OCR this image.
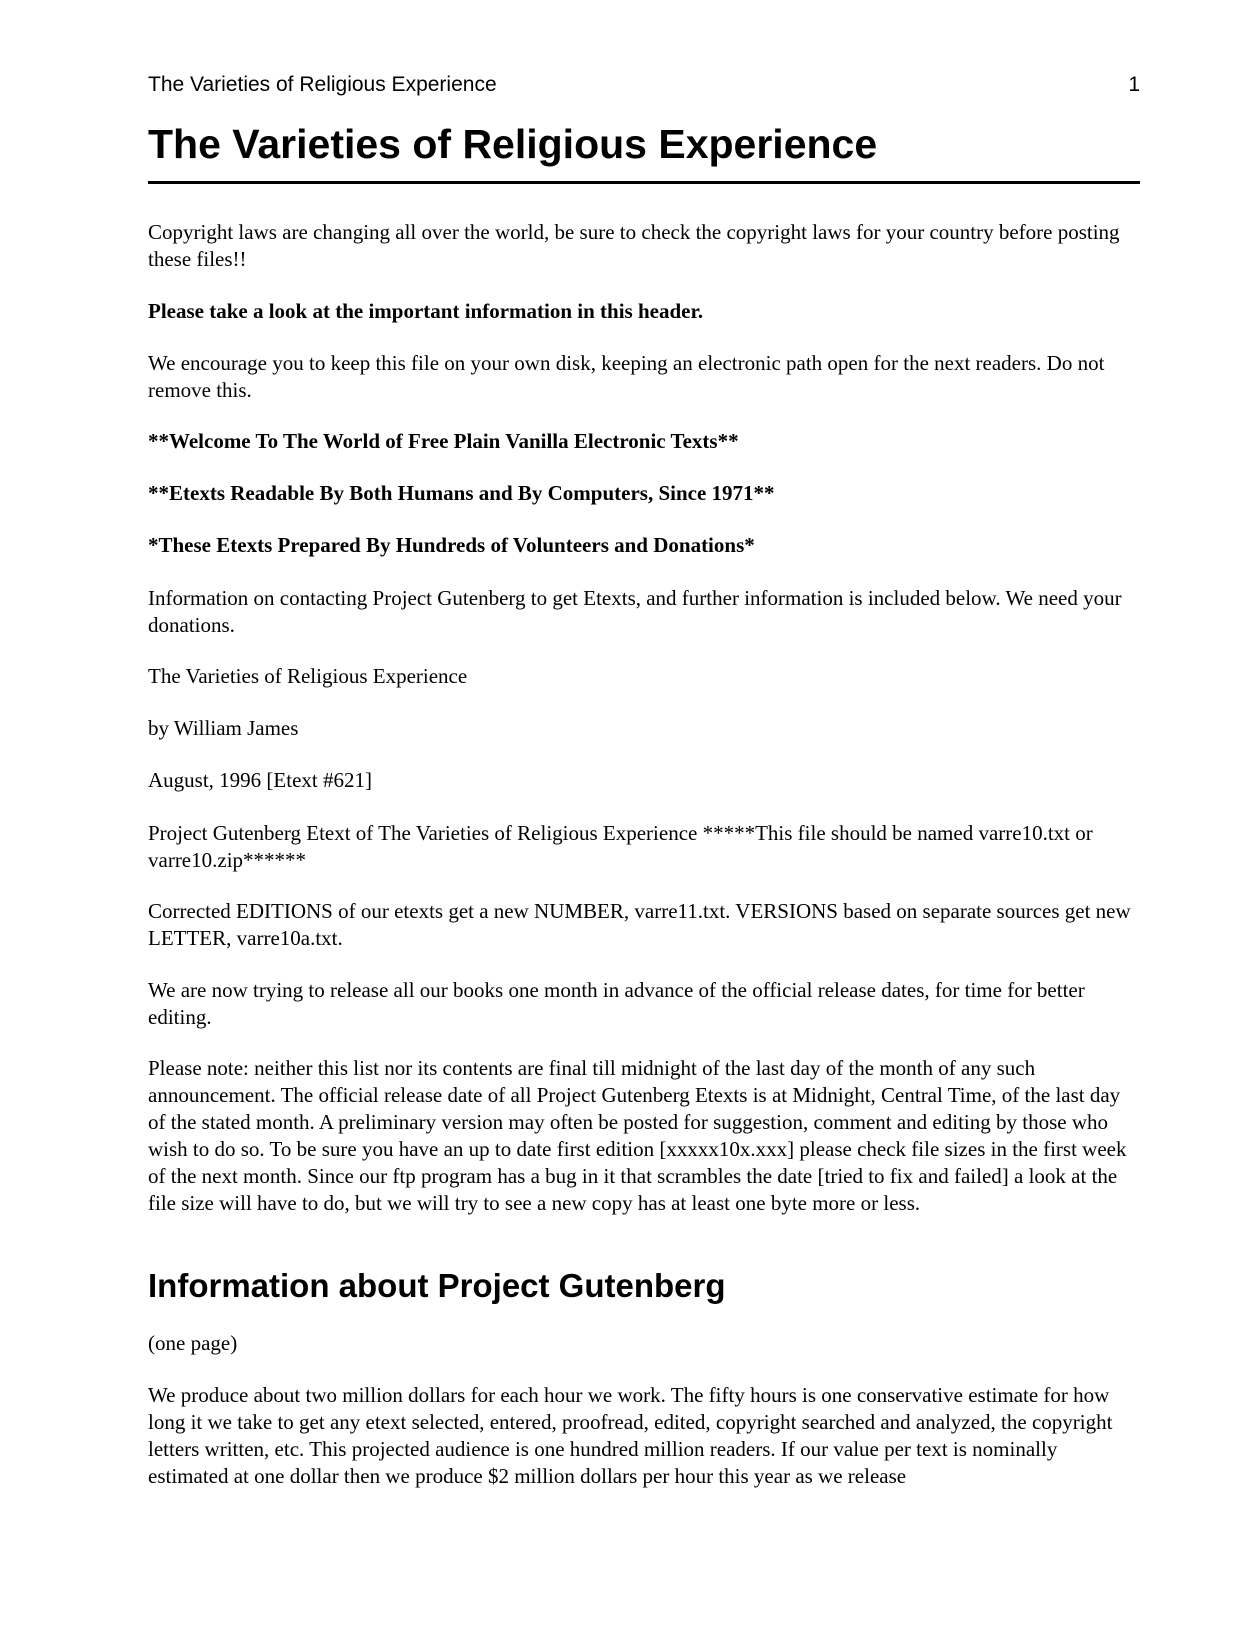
The Varieties of Religious Experience	1
The Varieties of Religious Experience

Copyright laws are changing all over the world, be sure to check the copyright laws for your country before posting these files!!

Please take a look at the important information in this header.

We encourage you to keep this file on your own disk, keeping an electronic path open for the next readers. Do not remove this.

**Welcome To The World of Free Plain Vanilla Electronic Texts**

**Etexts Readable By Both Humans and By Computers, Since 1971**

*These Etexts Prepared By Hundreds of Volunteers and Donations*

Information on contacting Project Gutenberg to get Etexts, and further information is included below. We need your donations.

The Varieties of Religious Experience

by William James

August, 1996 [Etext #621]

Project Gutenberg Etext of The Varieties of Religious Experience *****This file should be named varre10.txt or varre10.zip******

Corrected EDITIONS of our etexts get a new NUMBER, varre11.txt. VERSIONS based on separate sources get new LETTER, varre10a.txt.

We are now trying to release all our books one month in advance of the official release dates, for time for better editing.

Please note: neither this list nor its contents are final till midnight of the last day of the month of any such announcement. The official release date of all Project Gutenberg Etexts is at Midnight, Central Time, of the last day of the stated month. A preliminary version may often be posted for suggestion, comment and editing by those who wish to do so. To be sure you have an up to date first edition [xxxxx10x.xxx] please check file sizes in the first week of the next month. Since our ftp program has a bug in it that scrambles the date [tried to fix and failed] a look at the file size will have to do, but we will try to see a new copy has at least one byte more or less.

Information about Project Gutenberg

(one page)

We produce about two million dollars for each hour we work. The fifty hours is one conservative estimate for how long it we take to get any etext selected, entered, proofread, edited, copyright searched and analyzed, the copyright letters written, etc. This projected audience is one hundred million readers. If our value per text is nominally estimated at one dollar then we produce $2 million dollars per hour this year as we release
